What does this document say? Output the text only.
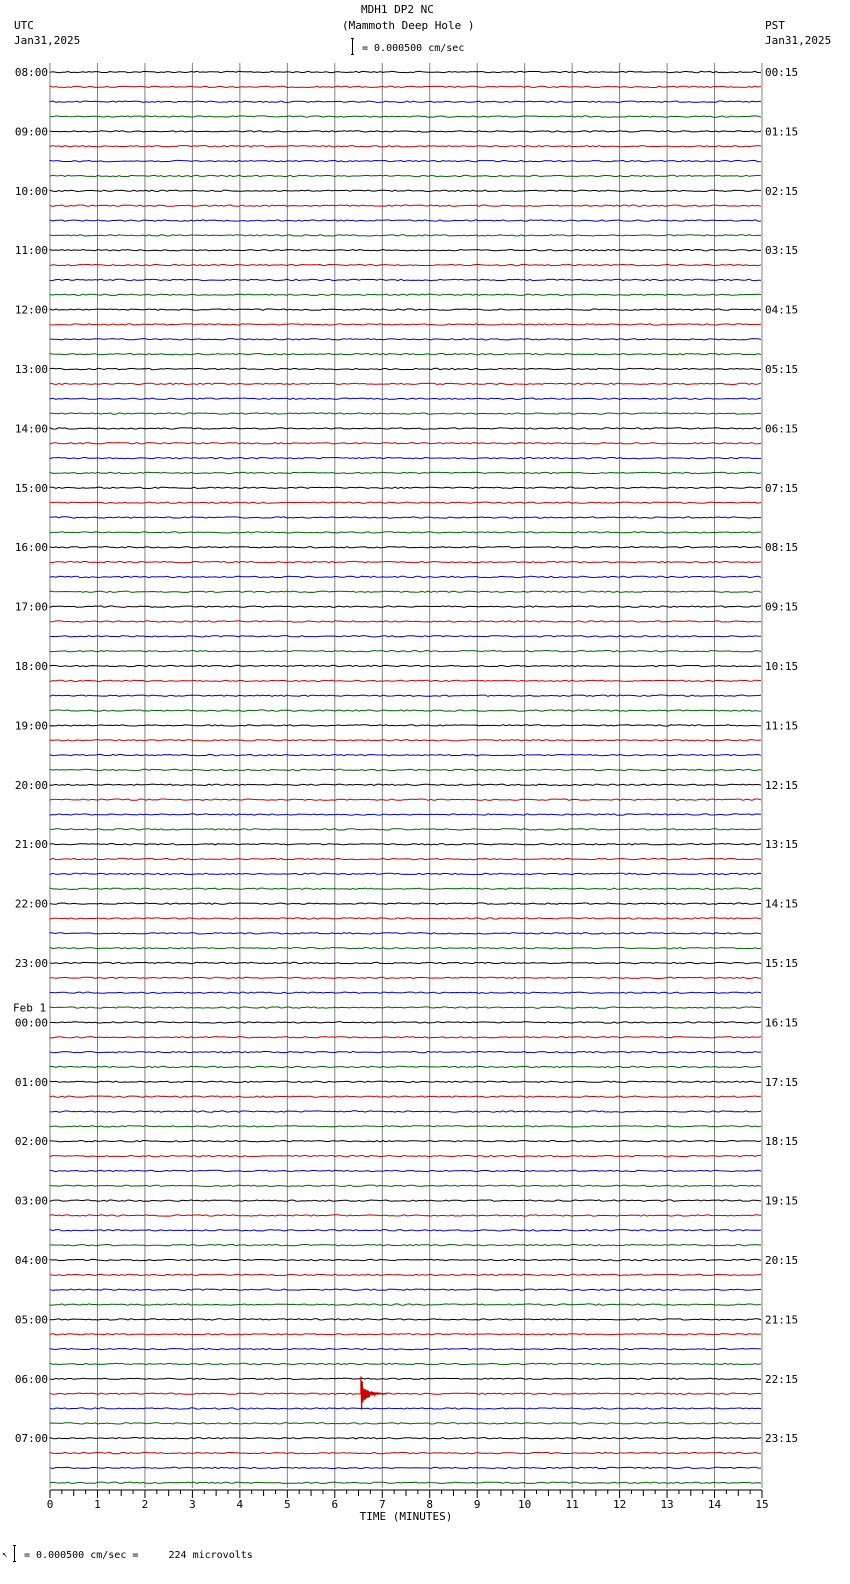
MDH1 DP2 NC
(Mammoth Deep Hole )
UTC
Jan31,2025
PST
Jan31,2025
= 0.000500 cm/sec
08:00
09:00
10:00
11:00
12:00
13:00
14:00
15:00
16:00
17:00
18:00
19:00
20:00
21:00
22:00
23:00
00:00
01:00
02:00
03:00
04:00
05:00
06:00
07:00
00:15
01:15
02:15
03:15
04:15
05:15
06:15
07:15
08:15
09:15
10:15
11:15
12:15
13:15
14:15
15:15
16:15
17:15
18:15
19:15
20:15
21:15
22:15
23:15
Feb 1
0	1	2	3	4	5	6	7	8	9	10	11	12	13	14	15
TIME (MINUTES)
↖ = 0.000500 cm/sec =     224 microvolts
